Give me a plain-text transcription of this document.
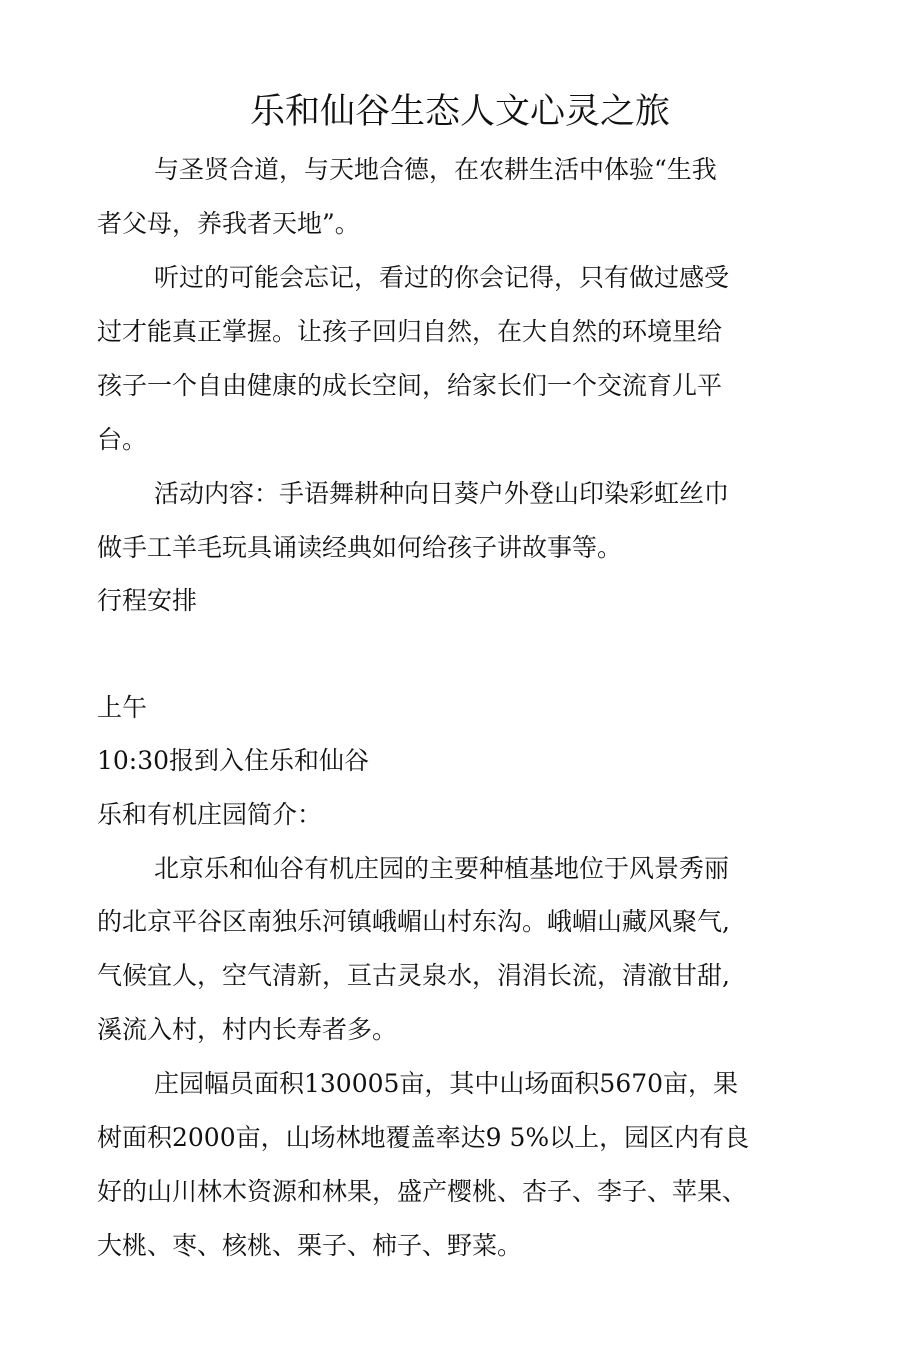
乐和仙谷生态人文心灵之旅

与圣贤合道，与天地合德，在农耕生活中体验“生我

者父母，养我者天地”。

听过的可能会忘记，看过的你会记得，只有做过感受

过才能真正掌握。让孩子回归自然，在大自然的环境里给

孩子一个自由健康的成长空间，给家长们一个交流育儿平

台。

活动内容：手语舞耕种向日葵户外登山印染彩虹丝巾

做手工羊毛玩具诵读经典如何给孩子讲故事等。

行程安排

上午

10:30报到入住乐和仙谷

乐和有机庄园简介：

北京乐和仙谷有机庄园的主要种植基地位于风景秀丽

的北京平谷区南独乐河镇峨嵋山村东沟。峨嵋山藏风聚气,

气候宜人，空气清新，亘古灵泉水，涓涓长流，清澈甘甜,

溪流入村，村内长寿者多。

庄园幅员面积130005亩，其中山场面积5670亩，果

树面积2000亩，山场林地覆盖率达9 5%以上，园区内有良

好的山川林木资源和林果，盛产樱桃、杏子、李子、苹果、

大桃、枣、核桃、栗子、柿子、野菜。
